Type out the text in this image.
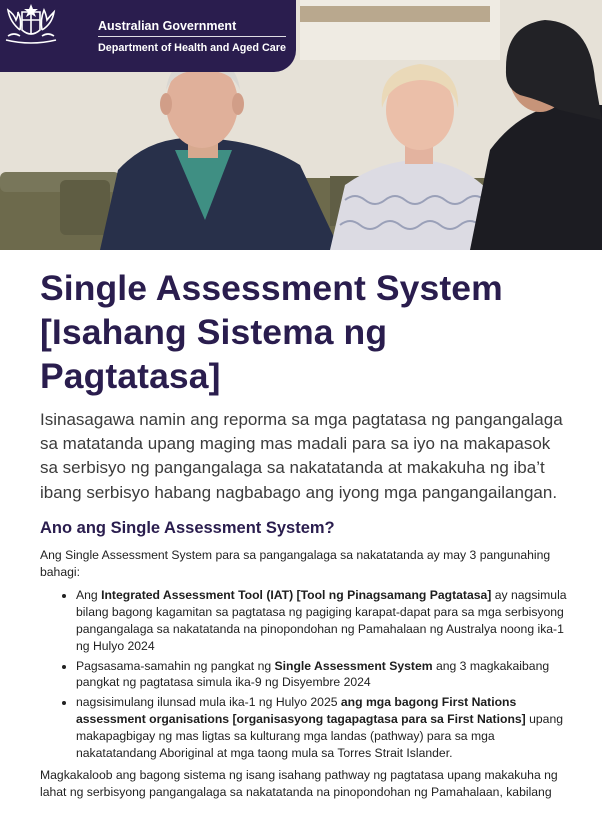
Australian Government
Department of Health and Aged Care
Single Assessment System [Isahang Sistema ng Pagtatasa]

Isinasagawa namin ang reporma sa mga pagtatasa ng pangangalaga sa matatanda upang maging mas madali para sa iyo na makapasok sa serbisyo ng pangangalaga sa nakatatanda at makakuha ng iba’t ibang serbisyo habang nagbabago ang iyong mga pangangailangan.

Ano ang Single Assessment System?

Ang Single Assessment System para sa pangangalaga sa nakatatanda ay may 3 pangunahing bahagi:

• Ang Integrated Assessment Tool (IAT) [Tool ng Pinagsamang Pagtatasa] ay nagsimula bilang bagong kagamitan sa pagtatasa ng pagiging karapat-dapat para sa mga serbisyong pangangalaga sa nakatatanda na pinopondohan ng Pamahalaan ng Australya noong ika-1 ng Hulyo 2024
• Pagsasama-samahin ng pangkat ng Single Assessment System ang 3 magkakaibang pangkat ng pagtatasa simula ika-9 ng Disyembre 2024
• nagsisimulang ilunsad mula ika-1 ng Hulyo 2025 ang mga bagong First Nations assessment organisations [organisasyong tagapagtasa para sa First Nations] upang makapagbigay ng mas ligtas sa kulturang mga landas (pathway) para sa mga nakatatandang Aboriginal at mga taong mula sa Torres Strait Islander.

Magkakaloob ang bagong sistema ng isang isahang pathway ng pagtatasa upang makakuha ng lahat ng serbisyong pangangalaga sa nakatatanda na pinopondohan ng Pamahalaan, kabilang
